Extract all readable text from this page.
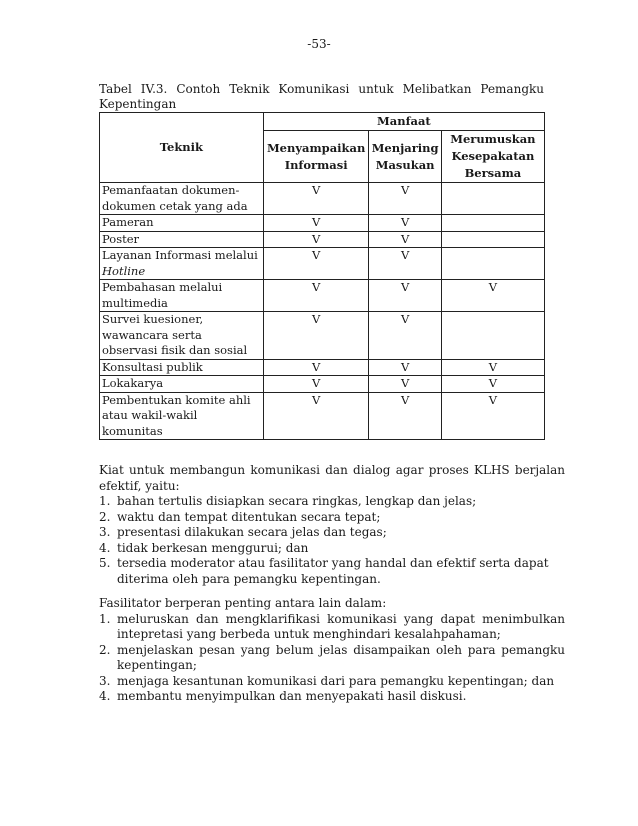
-53-
Tabel IV.3. Contoh Teknik Komunikasi untuk Melibatkan Pemangku
Kepentingan
Teknik	Manfaat		
	Menyampaikan Informasi	Menjaring Masukan	Merumuskan Kesepakatan Bersama
Pemanfaatan dokumen-dokumen cetak yang ada	V	V	
Pameran	V	V	
Poster	V	V	
Layanan Informasi melalui Hotline	V	V	
Pembahasan melalui multimedia	V	V	V
Survei kuesioner, wawancara serta observasi fisik dan sosial	V	V	
Konsultasi publik	V	V	V
Lokakarya	V	V	V
Pembentukan komite ahli atau wakil-wakil komunitas	V	V	V

Kiat untuk membangun komunikasi dan dialog agar proses KLHS berjalan efektif, yaitu:

1. bahan tertulis disiapkan secara ringkas, lengkap dan jelas;
2. waktu dan tempat ditentukan secara tepat;
3. presentasi dilakukan secara jelas dan tegas;
4. tidak berkesan menggurui; dan
5. tersedia moderator atau fasilitator yang handal dan efektif serta dapat diterima oleh para pemangku kepentingan.

Fasilitator berperan penting antara lain dalam:

1. meluruskan dan mengklarifikasi komunikasi yang dapat menimbulkan intepretasi yang berbeda untuk menghindari kesalahpahaman;
2. menjelaskan pesan yang belum jelas disampaikan oleh para pemangku kepentingan;
3. menjaga kesantunan komunikasi dari para pemangku kepentingan; dan
4. membantu menyimpulkan dan menyepakati hasil diskusi.
